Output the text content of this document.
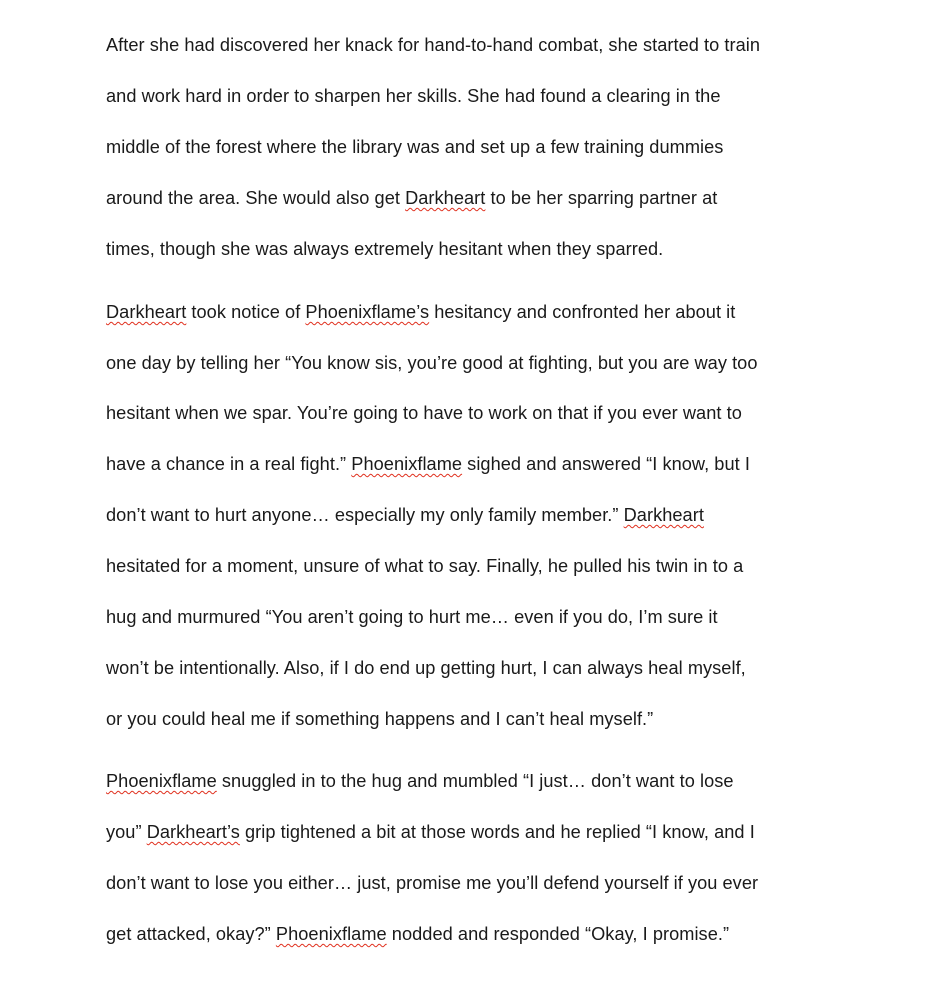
After she had discovered her knack for hand-to-hand combat, she started to train
and work hard in order to sharpen her skills. She had found a clearing in the
middle of the forest where the library was and set up a few training dummies
around the area. She would also get Darkheart to be her sparring partner at
times, though she was always extremely hesitant when they sparred.
Darkheart took notice of Phoenixflame’s hesitancy and confronted her about it
one day by telling her “You know sis, you’re good at fighting, but you are way too
hesitant when we spar. You’re going to have to work on that if you ever want to
have a chance in a real fight.” Phoenixflame sighed and answered “I know, but I
don’t want to hurt anyone… especially my only family member.” Darkheart
hesitated for a moment, unsure of what to say. Finally, he pulled his twin in to a
hug and murmured “You aren’t going to hurt me… even if you do, I’m sure it
won’t be intentionally. Also, if I do end up getting hurt, I can always heal myself,
or you could heal me if something happens and I can’t heal myself.”
Phoenixflame snuggled in to the hug and mumbled “I just… don’t want to lose
you” Darkheart’s grip tightened a bit at those words and he replied “I know, and I
don’t want to lose you either… just, promise me you’ll defend yourself if you ever
get attacked, okay?” Phoenixflame nodded and responded “Okay, I promise.”
